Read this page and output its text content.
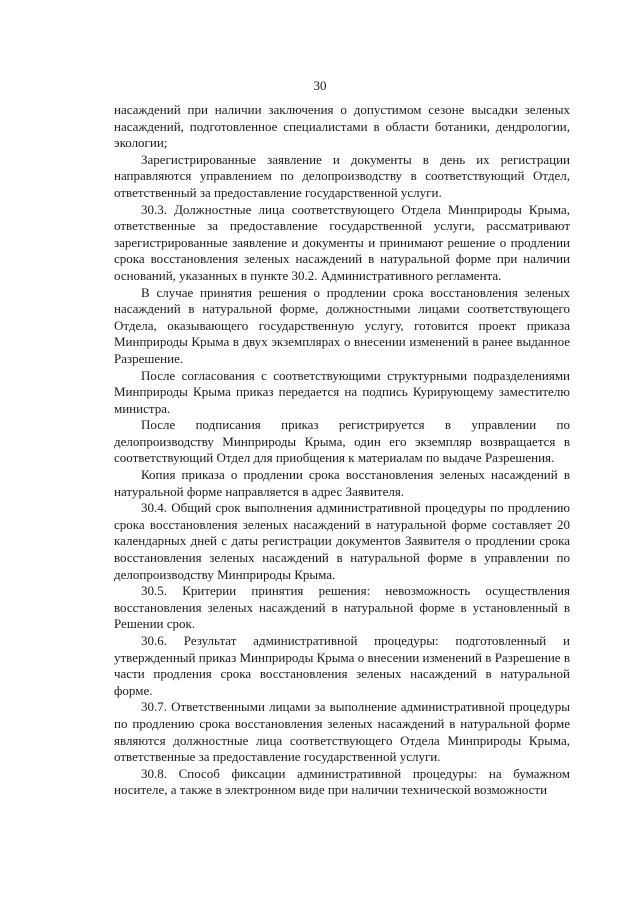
30

насаждений при наличии заключения о допустимом сезоне высадки зеленых насаждений, подготовленное специалистами в области ботаники, дендрологии, экологии;

Зарегистрированные заявление и документы в день их регистрации направляются управлением по делопроизводству в соответствующий Отдел, ответственный за предоставление государственной услуги.

30.3. Должностные лица соответствующего Отдела Минприроды Крыма, ответственные за предоставление государственной услуги, рассматривают зарегистрированные заявление и документы и принимают решение о продлении срока восстановления зеленых насаждений в натуральной форме при наличии оснований, указанных в пункте 30.2. Административного регламента.

В случае принятия решения о продлении срока восстановления зеленых насаждений в натуральной форме, должностными лицами соответствующего Отдела, оказывающего государственную услугу, готовится проект приказа Минприроды Крыма в двух экземплярах о внесении изменений в ранее выданное Разрешение.

После согласования с соответствующими структурными подразделениями Минприроды Крыма приказ передается на подпись Курирующему заместителю министра.

После подписания приказ регистрируется в управлении по делопроизводству Минприроды Крыма, один его экземпляр возвращается в соответствующий Отдел для приобщения к материалам по выдаче Разрешения.

Копия приказа о продлении срока восстановления зеленых насаждений в натуральной форме направляется в адрес Заявителя.

30.4. Общий срок выполнения административной процедуры по продлению срока восстановления зеленых насаждений в натуральной форме составляет 20 календарных дней с даты регистрации документов Заявителя о продлении срока восстановления зеленых насаждений в натуральной форме в управлении по делопроизводству Минприроды Крыма.

30.5. Критерии принятия решения: невозможность осуществления восстановления зеленых насаждений в натуральной форме в установленный в Решении срок.

30.6. Результат административной процедуры: подготовленный и утвержденный приказ Минприроды Крыма о внесении изменений в Разрешение в части продления срока восстановления зеленых насаждений в натуральной форме.

30.7. Ответственными лицами за выполнение административной процедуры по продлению срока восстановления зеленых насаждений в натуральной форме являются должностные лица соответствующего Отдела Минприроды Крыма, ответственные за предоставление государственной услуги.

30.8. Способ фиксации административной процедуры: на бумажном носителе, а также в электронном виде при наличии технической возможности
